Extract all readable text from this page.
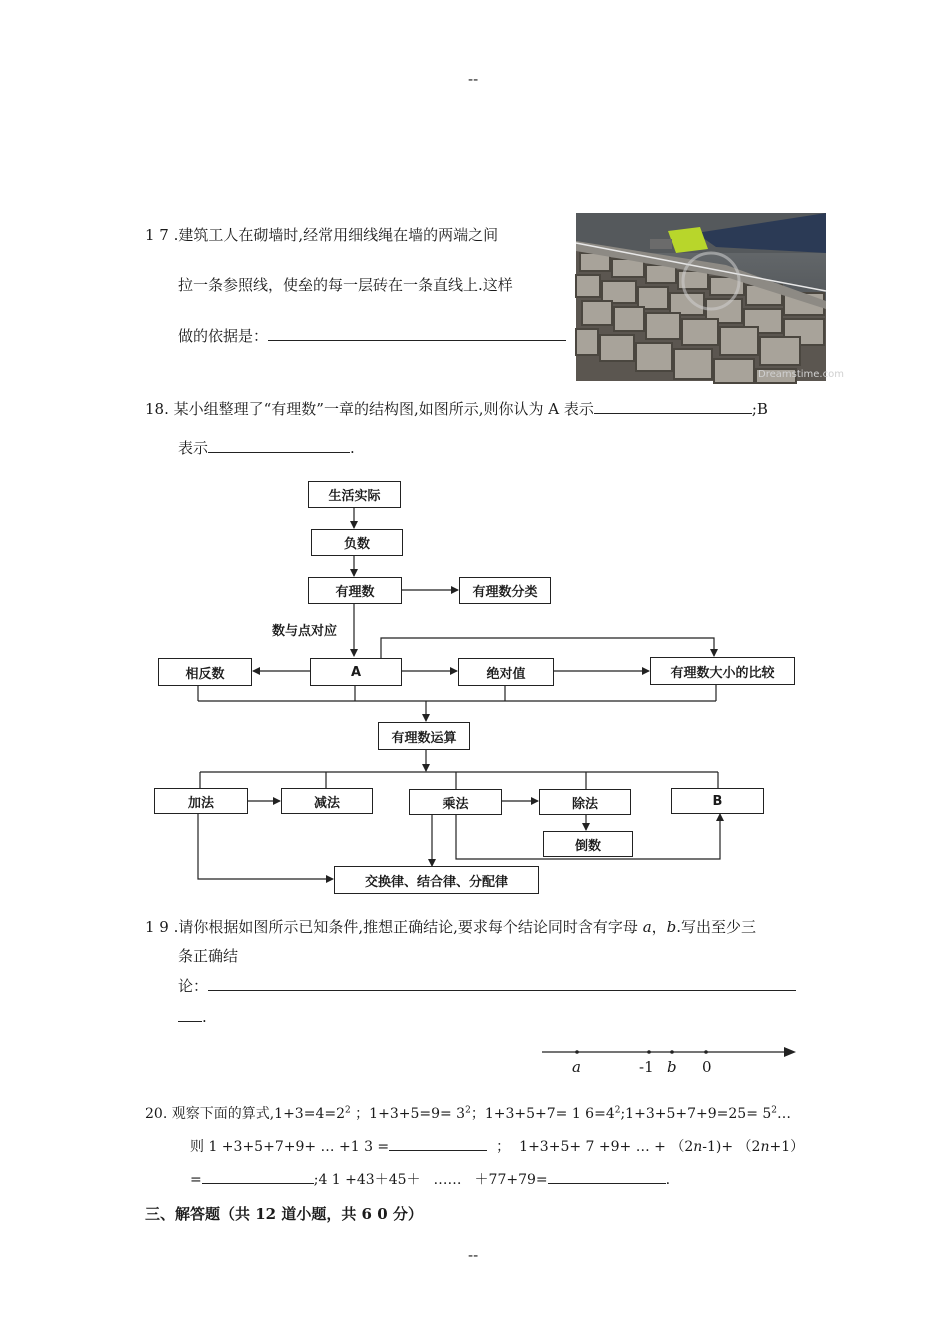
--
--
1 7 .建筑工人在砌墙时,经常用细线绳在墙的两端之间
拉一条参照线，使垒的每一层砖在一条直线上.这样
做的依据是：
Dreamstime.com
18. 某小组整理了“有理数”一章的结构图,如图所示,则你认为 A 表示	;B
表示	.
生活实际
负数
有理数	有理数分类
数与点对应
相反数	A	绝对值	有理数大小的比较
有理数运算
加法	减法	乘法	除法	B
倒数
交换律、结合律、分配律
1 9 .请你根据如图所示已知条件,推想正确结论,要求每个结论同时含有字母 a，b.写出至少三
条正确结
论：
.
a	-1 b 0
20. 观察下面的算式$,1+3=4=2^2$ ；$1+3+5=9= 3^2$；1+3+5+7= 1 $6=4^2;1+3+5+7+9=25=$ $5^2\dots$
则 1 +3+5+7+9+ … +1 3 =	； 1+3+5+ 7 +9+ … + （2n-1)+ （2n+1）
=	;4 1 +43＋45＋ …… ＋77+79=	.
三、解答题（共 12 道小题，共 6 0 分）
